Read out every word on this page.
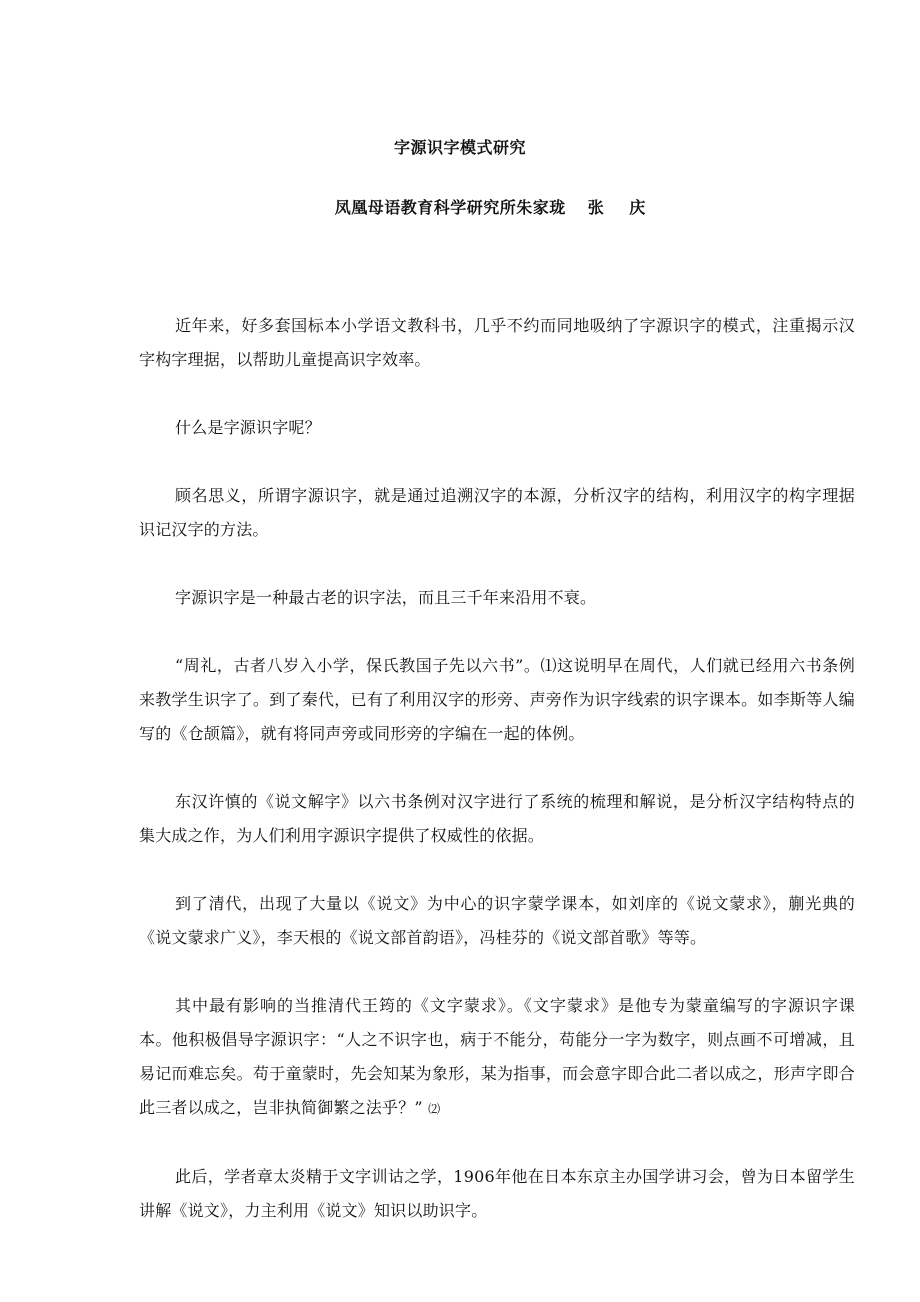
字源识字模式研究
凤凰母语教育科学研究所朱家珑 张 庆

近年来，好多套国标本小学语文教科书，几乎不约而同地吸纳了字源识字的模式，注重揭示汉字构字理据，以帮助儿童提高识字效率。

什么是字源识字呢？

顾名思义，所谓字源识字，就是通过追溯汉字的本源，分析汉字的结构，利用汉字的构字理据识记汉字的方法。

字源识字是一种最古老的识字法，而且三千年来沿用不衰。

“周礼，古者八岁入小学，保氏教国子先以六书”。⑴这说明早在周代，人们就已经用六书条例来教学生识字了。到了秦代，已有了利用汉字的形旁、声旁作为识字线索的识字课本。如李斯等人编写的《仓颉篇》，就有将同声旁或同形旁的字编在一起的体例。

东汉许慎的《说文解字》以六书条例对汉字进行了系统的梳理和解说，是分析汉字结构特点的集大成之作，为人们利用字源识字提供了权威性的依据。

到了清代，出现了大量以《说文》为中心的识字蒙学课本，如刘庠的《说文蒙求》，蒯光典的《说文蒙求广义》，李天根的《说文部首韵语》，冯桂芬的《说文部首歌》等等。

其中最有影响的当推清代王筠的《文字蒙求》。《文字蒙求》是他专为蒙童编写的字源识字课本。他积极倡导字源识字：“人之不识字也，病于不能分，苟能分一字为数字，则点画不可增减，且易记而难忘矣。苟于童蒙时，先会知某为象形，某为指事，而会意字即合此二者以成之，形声字即合此三者以成之，岂非执简御繁之法乎？” ⑵

此后，学者章太炎精于文字训诂之学，1906年他在日本东京主办国学讲习会，曾为日本留学生讲解《说文》，力主利用《说文》知识以助识字。
